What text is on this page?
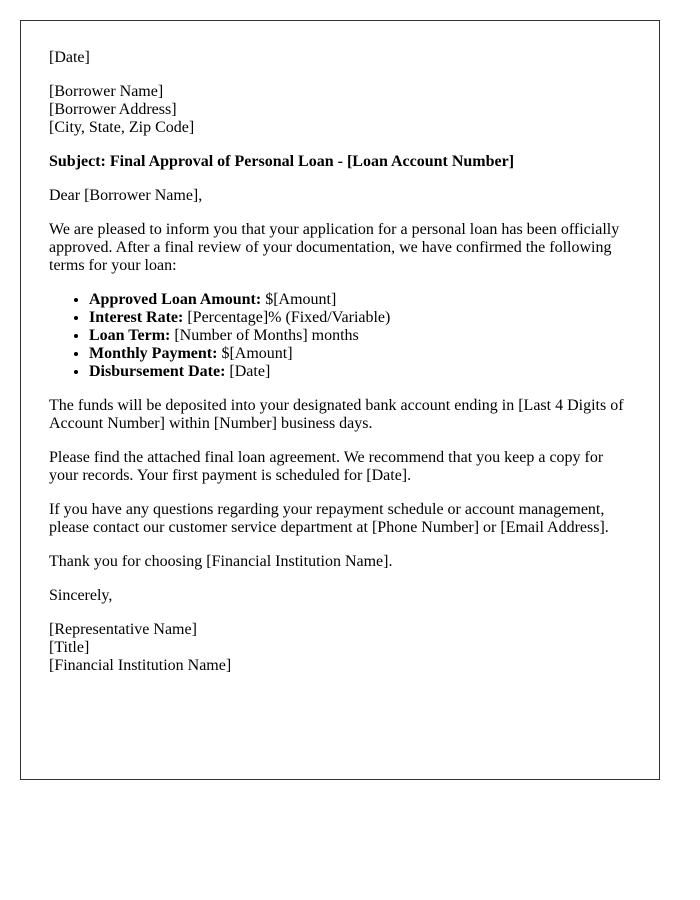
[Date]
[Borrower Name]
[Borrower Address]
[City, State, Zip Code]
Subject: Final Approval of Personal Loan - [Loan Account Number]

Dear [Borrower Name],

We are pleased to inform you that your application for a personal loan has been officially approved. After a final review of your documentation, we have confirmed the following terms for your loan:

• Approved Loan Amount: $[Amount]
• Interest Rate: [Percentage]% (Fixed/Variable)
• Loan Term: [Number of Months] months
• Monthly Payment: $[Amount]
• Disbursement Date: [Date]

The funds will be deposited into your designated bank account ending in [Last 4 Digits of Account Number] within [Number] business days.

Please find the attached final loan agreement. We recommend that you keep a copy for your records. Your first payment is scheduled for [Date].

If you have any questions regarding your repayment schedule or account management, please contact our customer service department at [Phone Number] or [Email Address].

Thank you for choosing [Financial Institution Name].

Sincerely,

[Representative Name]
[Title]
[Financial Institution Name]
